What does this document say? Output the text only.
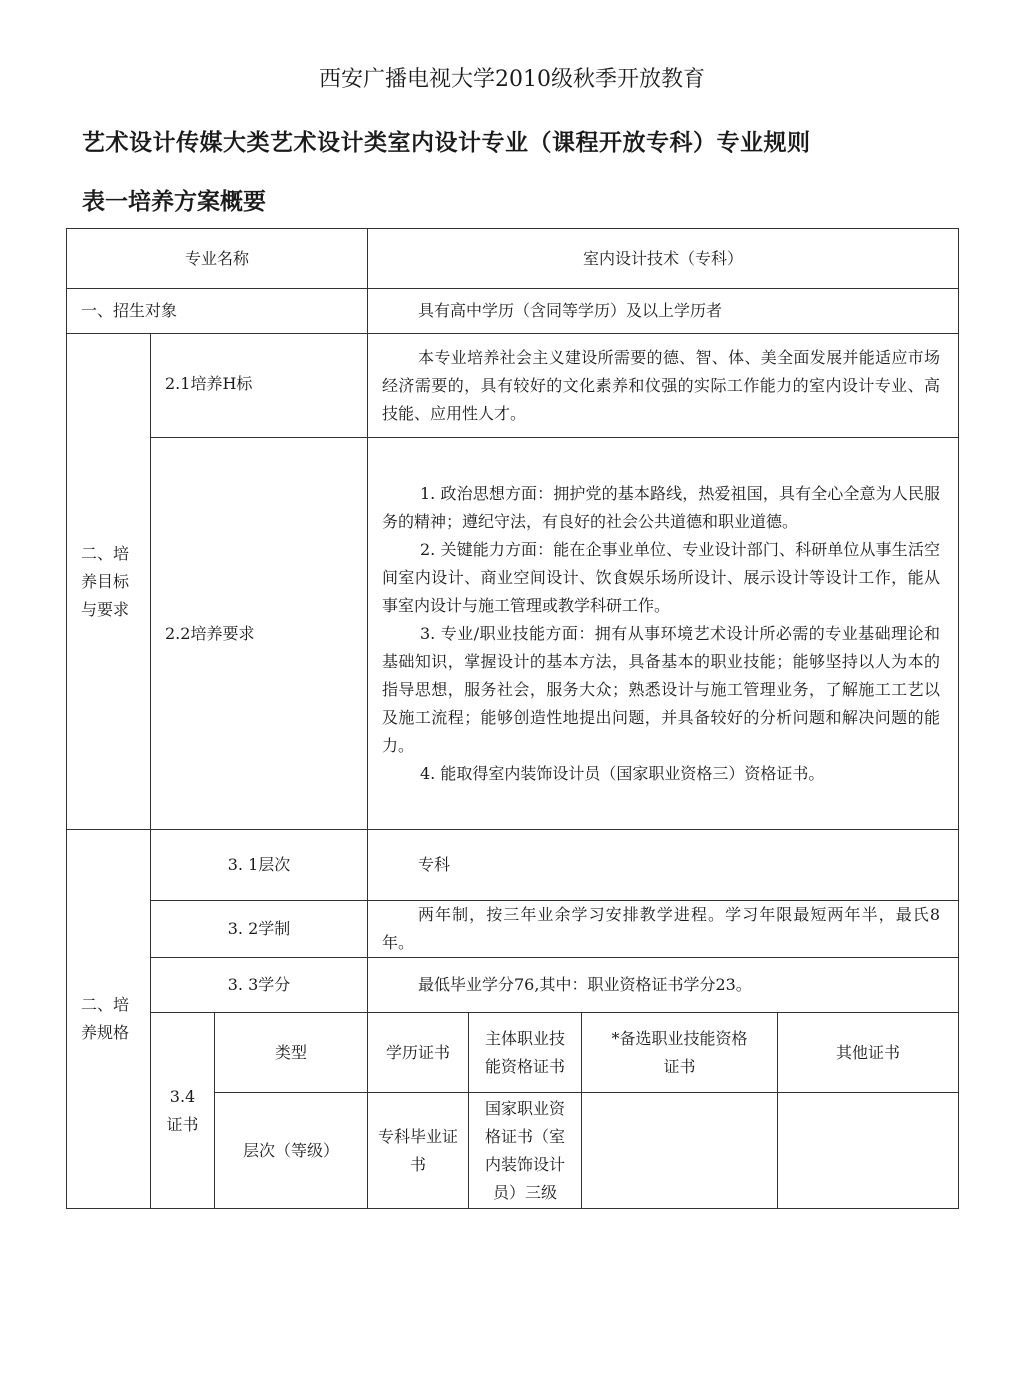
西安广播电视大学2010级秋季开放教育
艺术设计传媒大类艺术设计类室内设计专业（课程开放专科）专业规则
表一培养方案概要
专业名称			室内设计技术（专科）			
一、招生对象			具有高中学历（含同等学历）及以上学历者			
二、培养目标与要求	2.1培养H标		本专业培养社会主义建设所需要的德、智、体、美全面发展并能适应市场经济需要的，具有较好的文化素养和伩强的实际工作能力的室内设计专业、高技能、应用性人才。			
	2.2培养要求		1. 政治思想方面：拥护党的基本路线，热爱祖国，具有全心全意为人民服务的精神；遵纪守法，有良好的社会公共道德和职业道德。

2. 关键能力方面：能在企事业单位、专业设计部门、科研单位从事生活空间室内设计、商业空间设计、饮食娱乐场所设计、展示设计等设计工作，能从事室内设计与施工管理或教学科研工作。

3. 专业/职业技能方面：拥有从事环境艺术设计所必需的专业基础理论和基础知识，掌握设计的基本方法，具备基本的职业技能；能够坚持以人为本的指导思想，服务社会，服务大众；熟悉设计与施工管理业务，了解施工工艺以及施工流程；能够创造性地提出问题，并具备较好的分析问题和解决问题的能力。

4. 能取得室内装饰设计员（国家职业资格三）资格证书。			

二、培养规格	3. 1层次		专科			
	3. 2学制		两年制，按三年业余学习安排教学进程。学习年限最短两年半，最氏8年。			
	3. 3学分		最低毕业学分76,其中：职业资格证书学分23。			
	3.4证书	类型	学历证书	主体职业技能资格证书	*备选职业技能资格证书	其他证书
		层次（等级）	专科毕业证书	国家职业资格证书（室内装饰设计员）三级		
